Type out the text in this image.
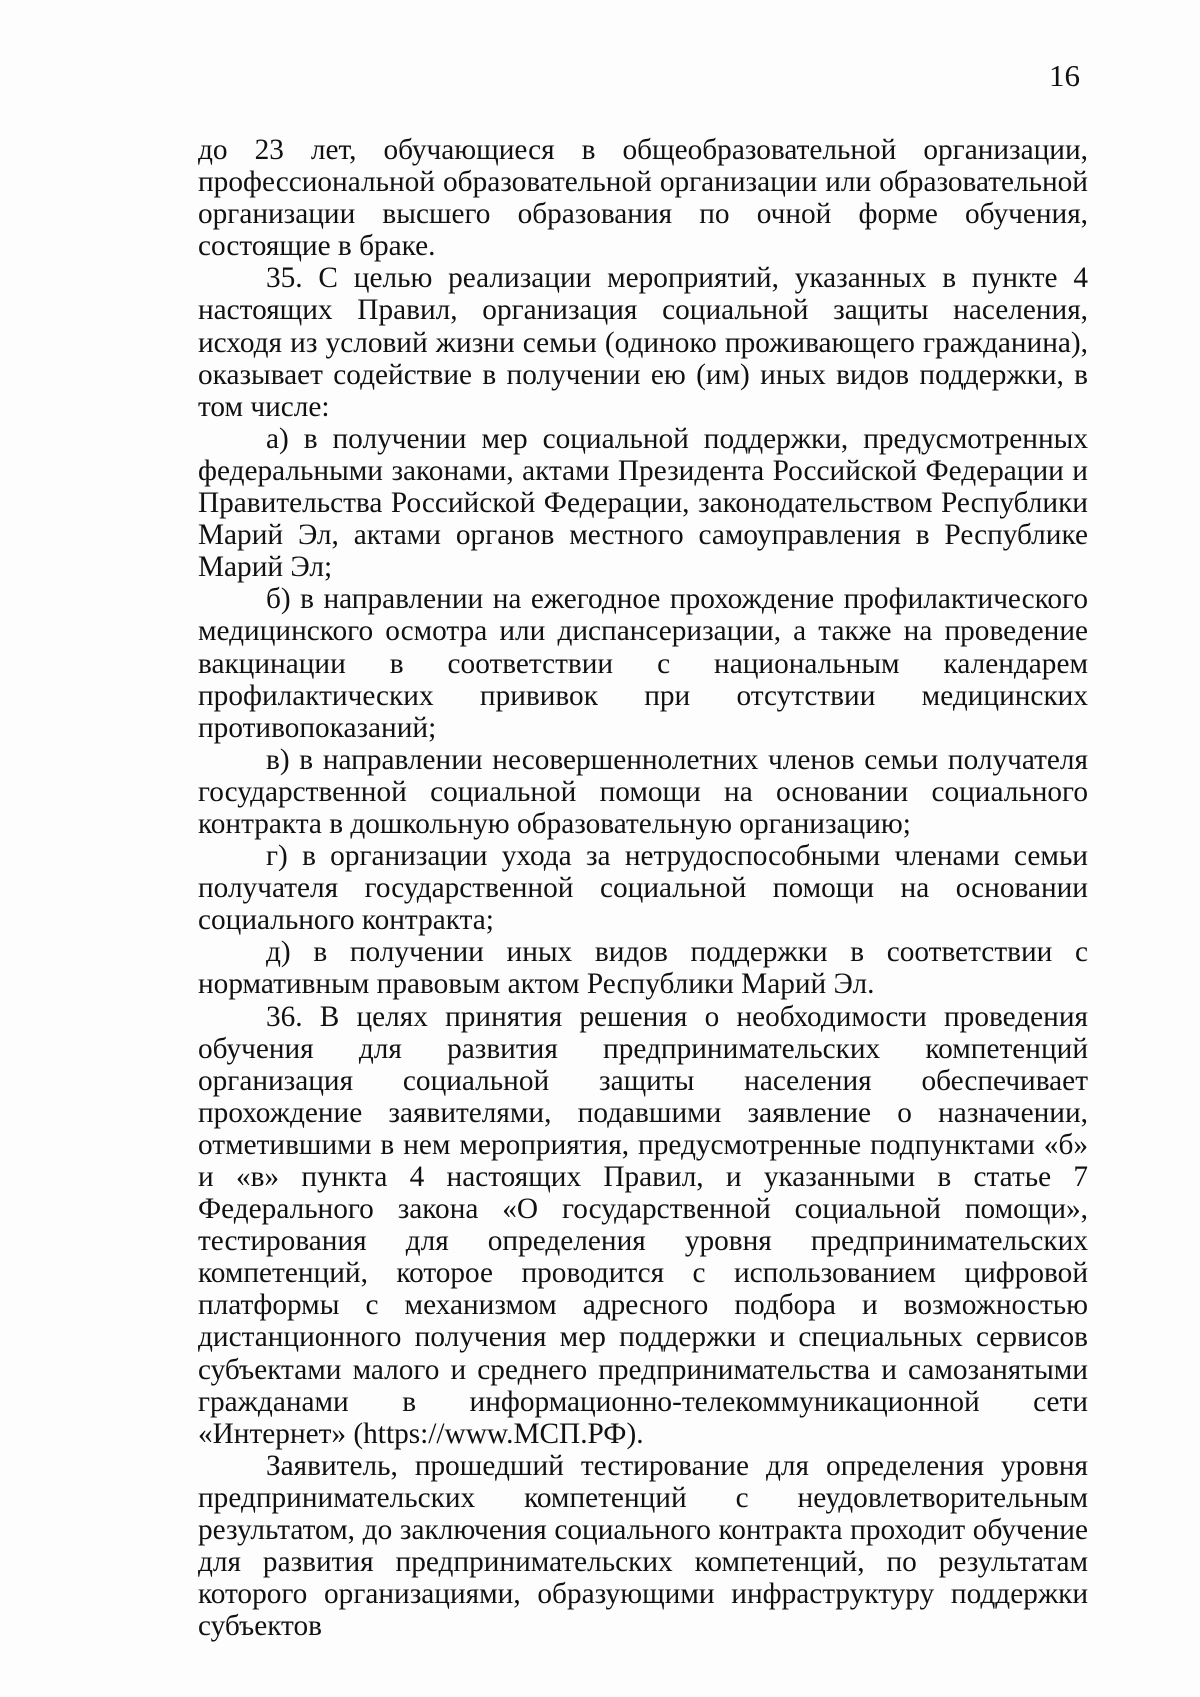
16

до 23 лет, обучающиеся в общеобразовательной организации, профессиональной образовательной организации или образовательной организации высшего образования по очной форме обучения, состоящие в браке.

35. С целью реализации мероприятий, указанных в пункте 4 настоящих Правил, организация социальной защиты населения, исходя из условий жизни семьи (одиноко проживающего гражданина), оказывает содействие в получении ею (им) иных видов поддержки, в том числе:

а) в получении мер социальной поддержки, предусмотренных федеральными законами, актами Президента Российской Федерации и Правительства Российской Федерации, законодательством Республики Марий Эл, актами органов местного самоуправления в Республике Марий Эл;

б) в направлении на ежегодное прохождение профилактического медицинского осмотра или диспансеризации, а также на проведение вакцинации в соответствии с национальным календарем профилактических прививок при отсутствии медицинских противопоказаний;

в) в направлении несовершеннолетних членов семьи получателя государственной социальной помощи на основании социального контракта в дошкольную образовательную организацию;

г) в организации ухода за нетрудоспособными членами семьи получателя государственной социальной помощи на основании социального контракта;

д) в получении иных видов поддержки в соответствии с нормативным правовым актом Республики Марий Эл.

36. В целях принятия решения о необходимости проведения обучения для развития предпринимательских компетенций организация социальной защиты населения обеспечивает прохождение заявителями, подавшими заявление о назначении, отметившими в нем мероприятия, предусмотренные подпунктами «б» и «в» пункта 4 настоящих Правил, и указанными в статье 7 Федерального закона «О государственной социальной помощи», тестирования для определения уровня предпринимательских компетенций, которое проводится с использованием цифровой платформы с механизмом адресного подбора и возможностью дистанционного получения мер поддержки и специальных сервисов субъектами малого и среднего предпринимательства и самозанятыми гражданами в информационно-телекоммуникационной сети «Интернет» (https://www.МСП.РФ).

Заявитель, прошедший тестирование для определения уровня предпринимательских компетенций с неудовлетворительным результатом, до заключения социального контракта проходит обучение для развития предпринимательских компетенций, по результатам которого организациями, образующими инфраструктуру поддержки субъектов
